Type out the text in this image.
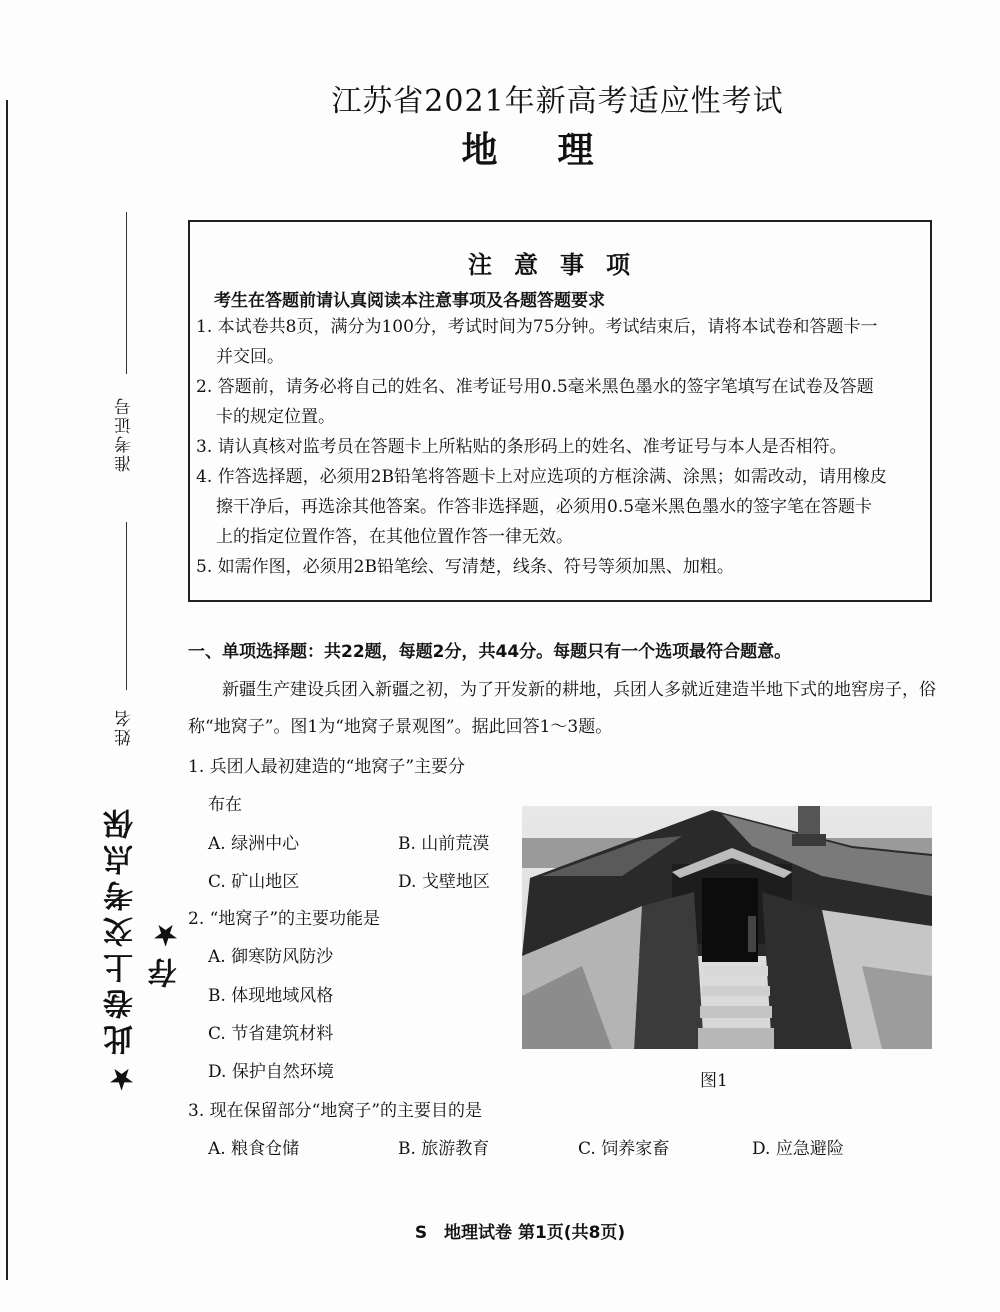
准考证号
姓名
★此卷上交考点保存★
江苏省2021年新高考适应性考试
地理
注意事项
考生在答题前请认真阅读本注意事项及各题答题要求
1. 本试卷共8页，满分为100分，考试时间为75分钟。考试结束后，请将本试卷和答题卡一
并交回。
2. 答题前，请务必将自己的姓名、准考证号用0.5毫米黑色墨水的签字笔填写在试卷及答题
卡的规定位置。
3. 请认真核对监考员在答题卡上所粘贴的条形码上的姓名、准考证号与本人是否相符。
4. 作答选择题，必须用2B铅笔将答题卡上对应选项的方框涂满、涂黑；如需改动，请用橡皮
擦干净后，再选涂其他答案。作答非选择题，必须用0.5毫米黑色墨水的签字笔在答题卡
上的指定位置作答，在其他位置作答一律无效。
5. 如需作图，必须用2B铅笔绘、写清楚，线条、符号等须加黑、加粗。
一、单项选择题：共22题，每题2分，共44分。每题只有一个选项最符合题意。
新疆生产建设兵团入新疆之初，为了开发新的耕地，兵团人多就近建造半地下式的地窖房子，俗称“地窝子”。图1为“地窝子景观图”。据此回答1～3题。
1. 兵团人最初建造的“地窝子”主要分
布在
A. 绿洲中心	B. 山前荒漠
C. 矿山地区	D. 戈壁地区
2. “地窝子”的主要功能是
A. 御寒防风防沙
B. 体现地域风格
C. 节省建筑材料
D. 保护自然环境
3. 现在保留部分“地窝子”的主要目的是
A. 粮食仓储	B. 旅游教育	C. 饲养家畜	D. 应急避险
图1
S　地理试卷 第1页(共8页)
